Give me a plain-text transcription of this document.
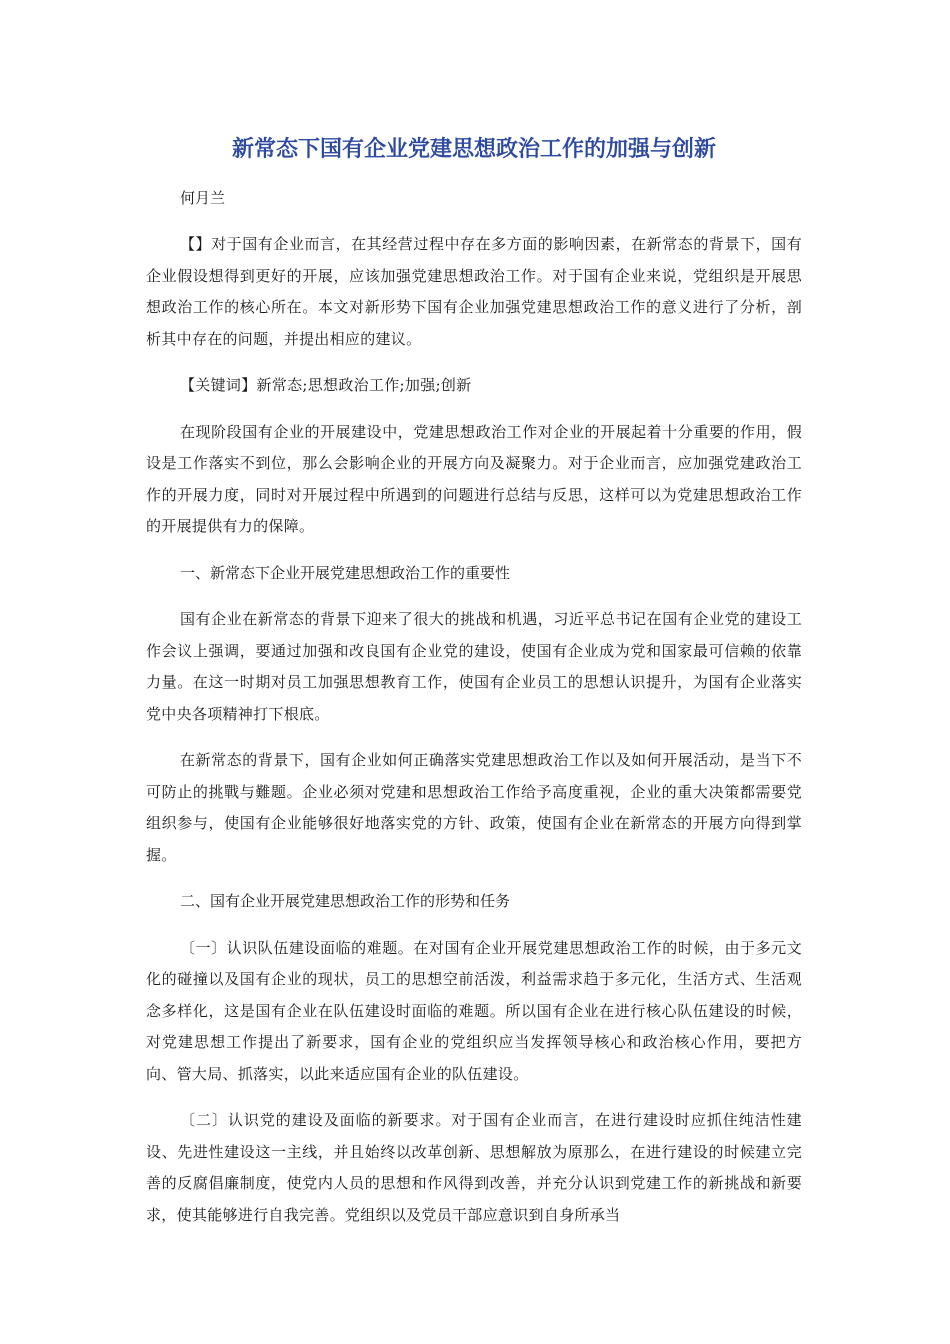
新常态下国有企业党建思想政治工作的加强与创新

何月兰

【】对于国有企业而言，在其经营过程中存在多方面的影响因素，在新常态的背景下，国有企业假设想得到更好的开展，应该加强党建思想政治工作。对于国有企业来说，党组织是开展思想政治工作的核心所在。本文对新形势下国有企业加强党建思想政治工作的意义进行了分析，剖析其中存在的问题，并提出相应的建议。

【关键词】新常态;思想政治工作;加强;创新

在现阶段国有企业的开展建设中，党建思想政治工作对企业的开展起着十分重要的作用，假设是工作落实不到位，那么会影响企业的开展方向及凝聚力。对于企业而言，应加强党建政治工作的开展力度，同时对开展过程中所遇到的问题进行总结与反思，这样可以为党建思想政治工作的开展提供有力的保障。

一、新常态下企业开展党建思想政治工作的重要性

国有企业在新常态的背景下迎来了很大的挑战和机遇，习近平总书记在国有企业党的建设工作会议上强调，要通过加强和改良国有企业党的建设，使国有企业成为党和国家最可信赖的依靠力量。在这一时期对员工加强思想教育工作，使国有企业员工的思想认识提升，为国有企业落实党中央各项精神打下根底。

在新常态的背景下，国有企业如何正确落实党建思想政治工作以及如何开展活动，是当下不可防止的挑戰与難题。企业必须对党建和思想政治工作给予高度重视，企业的重大决策都需要党组织参与，使国有企业能够很好地落实党的方针、政策，使国有企业在新常态的开展方向得到掌握。

二、国有企业开展党建思想政治工作的形势和任务

〔一〕认识队伍建设面临的难题。在对国有企业开展党建思想政治工作的时候，由于多元文化的碰撞以及国有企业的现状，员工的思想空前活泼，利益需求趋于多元化，生活方式、生活观念多样化，这是国有企业在队伍建设时面临的难题。所以国有企业在进行核心队伍建设的时候，对党建思想工作提出了新要求，国有企业的党组织应当发挥领导核心和政治核心作用，要把方向、管大局、抓落实，以此来适应国有企业的队伍建设。

〔二〕认识党的建设及面临的新要求。对于国有企业而言，在进行建设时应抓住纯洁性建设、先进性建设这一主线，并且始终以改革创新、思想解放为原那么，在进行建设的时候建立完善的反腐倡廉制度，使党内人员的思想和作风得到改善，并充分认识到党建工作的新挑战和新要求，使其能够进行自我完善。党组织以及党员干部应意识到自身所承当
